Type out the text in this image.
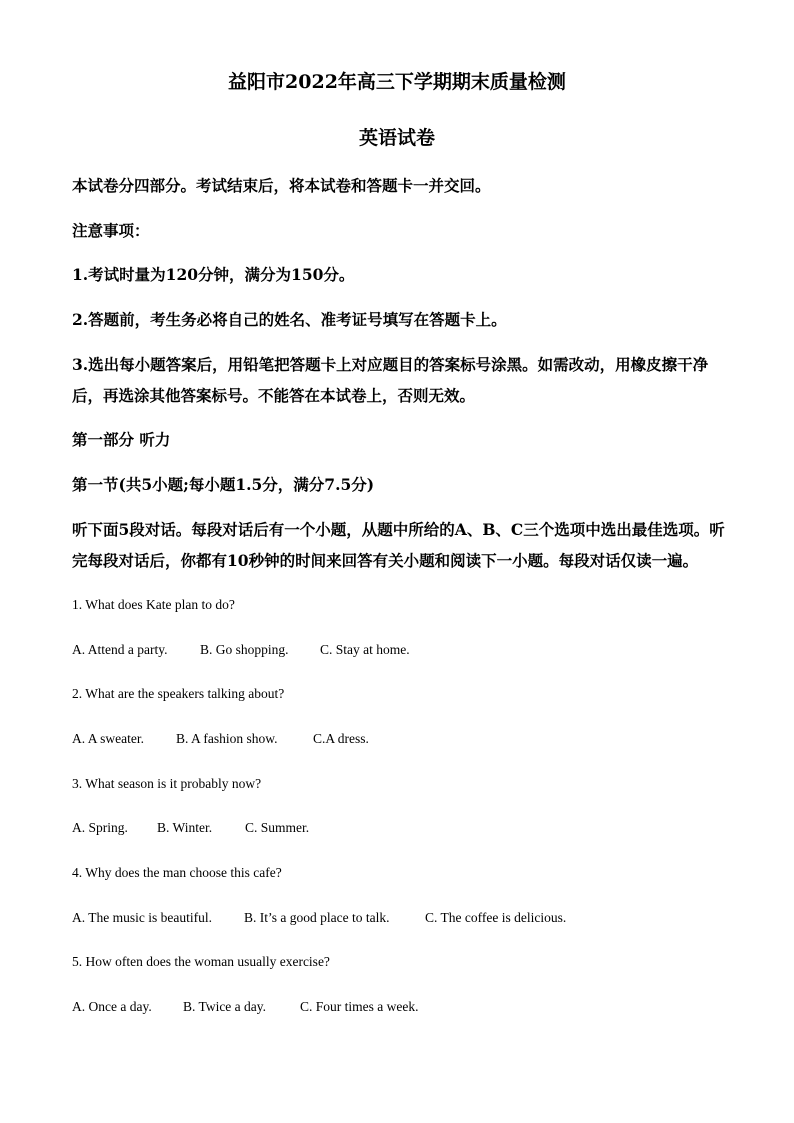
益阳市2022年高三下学期期末质量检测
英语试卷
本试卷分四部分。考试结束后，将本试卷和答题卡一并交回。
注意事项：
1.考试时量为120分钟，满分为150分。
2.答题前，考生务必将自己的姓名、准考证号填写在答题卡上。
3.选出每小题答案后，用铅笔把答题卡上对应题目的答案标号涂黑。如需改动，用橡皮擦干净后，再选涂其他答案标号。不能答在本试卷上，否则无效。
第一部分 听力
第一节(共5小题;每小题1.5分，满分7.5分)
听下面5段对话。每段对话后有一个小题，从题中所给的A、B、C三个选项中选出最佳选项。听完每段对话后，你都有10秒钟的时间来回答有关小题和阅读下一小题。每段对话仅读一遍。
1. What does Kate plan to do?
A. Attend a party.	B. Go shopping.	C. Stay at home.
2. What are the speakers talking about?
A. A sweater.	B. A fashion show.	C.A dress.
3. What season is it probably now?
A. Spring.	B. Winter.	C. Summer.
4. Why does the man choose this cafe?
A. The music is beautiful.	B. It’s a good place to talk.	C. The coffee is delicious.
5. How often does the woman usually exercise?
A. Once a day.	B. Twice a day.	C. Four times a week.
